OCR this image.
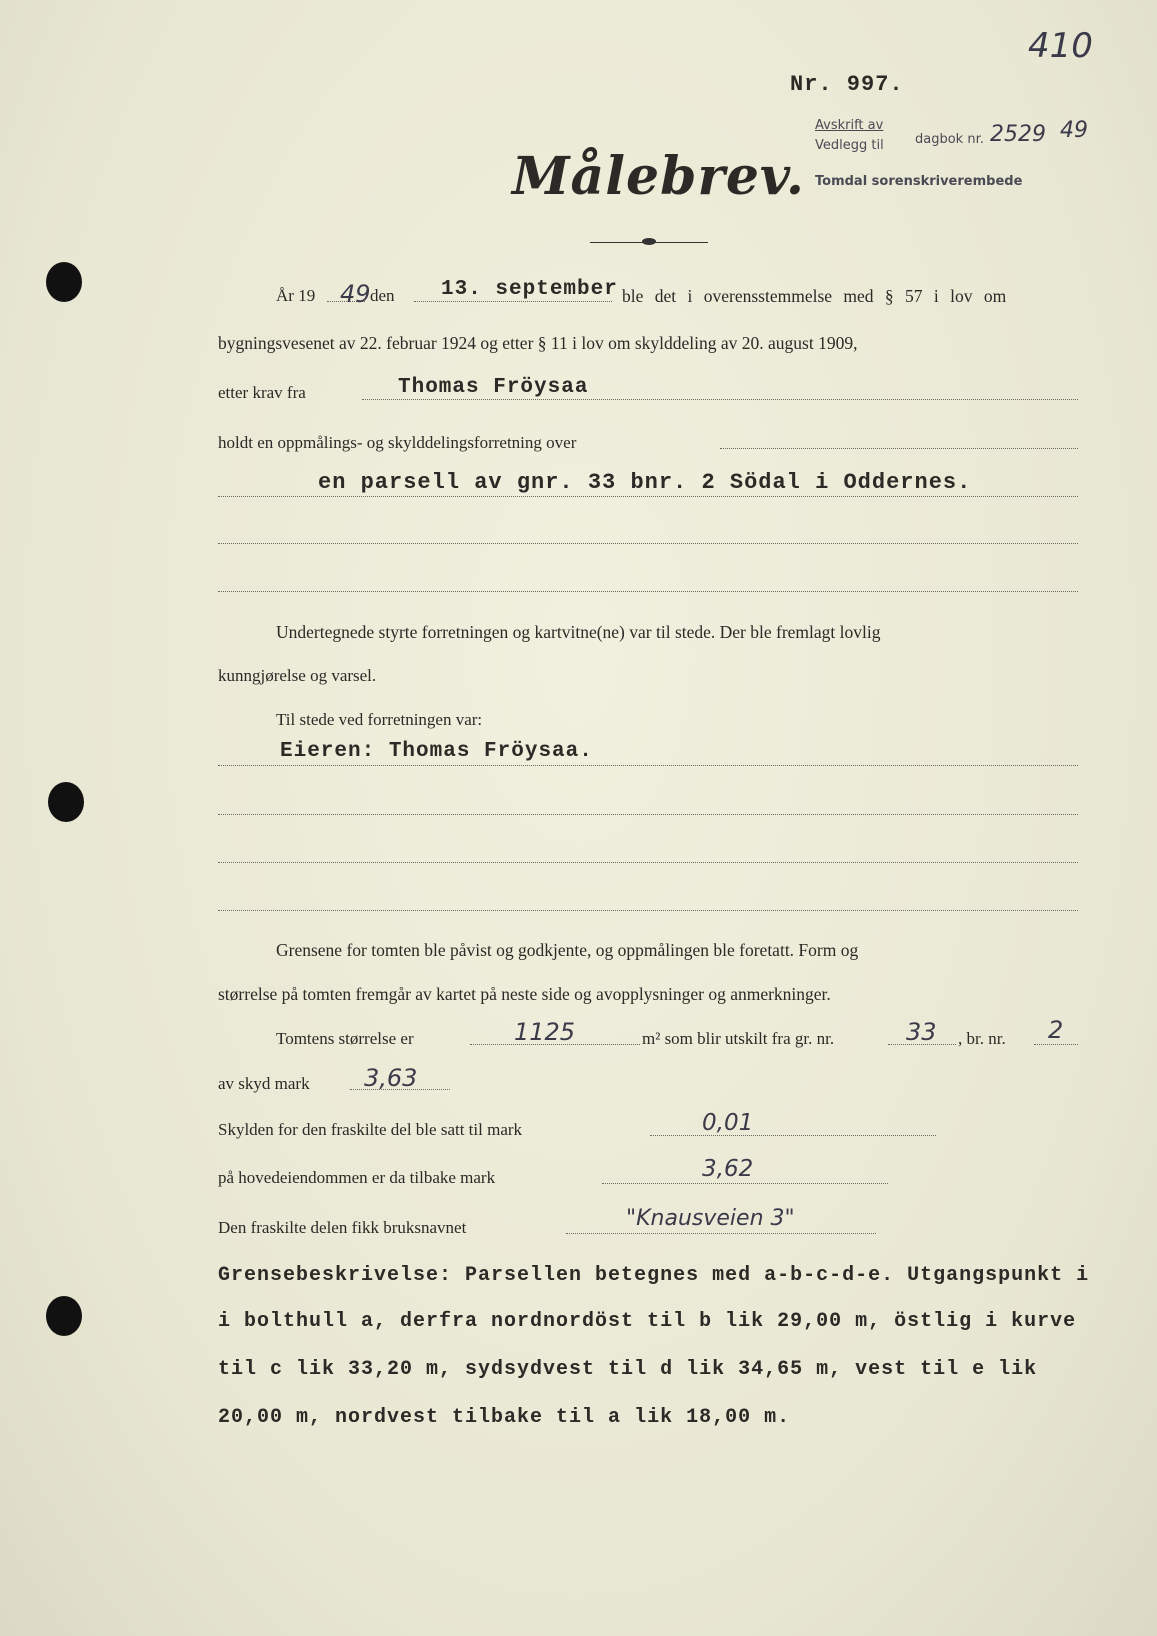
410
Nr. 997.
Avskrift av
Vedlegg til
Tomdal sorenskriverembede
dagbok nr. 2529 49
Målebrev.
År 19 49 den 13. september ble det i overensstemmelse med § 57 i lov om
bygningsvesenet av 22. februar 1924 og etter § 11 i lov om skylddeling av 20. august 1909,
etter krav fra	Thomas Fröysaa
holdt en oppmålings- og skylddelingsforretning over
en parsell av gnr. 33 bnr. 2 Södal i Oddernes.
Undertegnede styrte forretningen og kartvitne(ne) var til stede. Der ble fremlagt lovlig
kunngjørelse og varsel.
Til stede ved forretningen var:
Eieren: Thomas Fröysaa.
Grensene for tomten ble påvist og godkjente, og oppmålingen ble foretatt. Form og
størrelse på tomten fremgår av kartet på neste side og avopplysninger og anmerkninger.
Tomtens størrelse er	1125	m² som blir utskilt fra gr. nr.	33 , br. nr. 2
av skyd mark 3,63
Skylden for den fraskilte del ble satt til mark	0,01
på hovedeiendommen er da tilbake mark	3,62
Den fraskilte delen fikk bruksnavnet	"Knausveien 3"
Grensebeskrivelse: Parsellen betegnes med a-b-c-d-e. Utgangspunkt i
i bolthull a, derfra nordnordöst til b lik 29,00 m, östlig i kurve
til c lik 33,20 m, sydsydvest til d lik 34,65 m, vest til e lik
20,00 m, nordvest tilbake til a lik 18,00 m.
